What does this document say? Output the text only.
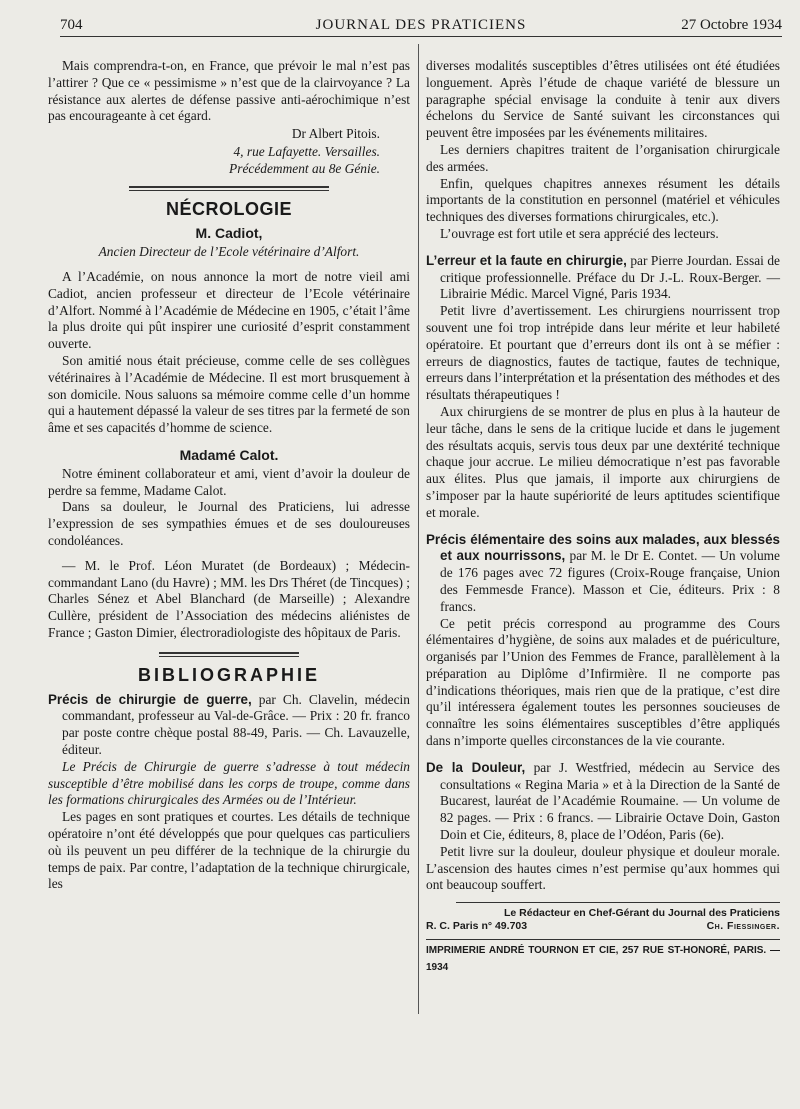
704	JOURNAL DES PRATICIENS	27 Octobre 1934

Mais comprendra-t-on, en France, que prévoir le mal n’est pas l’attirer ? Que ce « pessimisme » n’est que de la clairvoyance ? La résistance aux alertes de défense passive anti-aérochimique n’est pas encourageante à cet égard.

Dr Albert Pitois.
4, rue Lafayette. Versailles.
Précédemment au 8e Génie.
NÉCROLOGIE
M. Cadiot,
Ancien Directeur de l’Ecole vétérinaire d’Alfort.

A l’Académie, on nous annonce la mort de notre vieil ami Cadiot, ancien professeur et directeur de l’Ecole vétérinaire d’Alfort. Nommé à l’Académie de Médecine en 1905, c’était l’âme la plus droite qui pût inspirer une curiosité d’esprit constamment ouverte.

Son amitié nous était précieuse, comme celle de ses collègues vétérinaires à l’Académie de Médecine. Il est mort brusquement à son domicile. Nous saluons sa mémoire comme celle d’un homme qui a hautement dépassé la valeur de ses titres par la fermeté de son âme et ses capacités d’homme de science.

Madamé Calot.

Notre éminent collaborateur et ami, vient d’avoir la douleur de perdre sa femme, Madame Calot.

Dans sa douleur, le Journal des Praticiens, lui adresse l’expression de ses sympathies émues et de ses douloureuses condoléances.

— M. le Prof. Léon Muratet (de Bordeaux) ; Médecin-commandant Lano (du Havre) ; MM. les Drs Théret (de Tincques) ; Charles Sénez et Abel Blanchard (de Marseille) ; Alexandre Cullère, président de l’Association des médecins aliénistes de France ; Gaston Dimier, électroradiologiste des hôpitaux de Paris.

BIBLIOGRAPHIE

Précis de chirurgie de guerre, par Ch. Clavelin, médecin commandant, professeur au Val-de-Grâce. — Prix : 20 fr. franco par poste contre chèque postal 88-49, Paris. — Ch. Lavauzelle, éditeur.

Le Précis de Chirurgie de guerre s’adresse à tout médecin susceptible d’être mobilisé dans les corps de troupe, comme dans les formations chirurgicales des Armées ou de l’Intérieur.

Les pages en sont pratiques et courtes. Les détails de technique opératoire n’ont été développés que pour quelques cas particuliers où ils peuvent un peu différer de la technique de la chirurgie du temps de paix. Par contre, l’adaptation de la technique chirurgicale, les

diverses modalités susceptibles d’êtres utilisées ont été étudiées longuement. Après l’étude de chaque variété de blessure un paragraphe spécial envisage la conduite à tenir aux divers échelons du Service de Santé suivant les circonstances qui peuvent être imposées par les événements militaires.

Les derniers chapitres traitent de l’organisation chirurgicale des armées.

Enfin, quelques chapitres annexes résument les détails importants de la constitution en personnel (matériel et véhicules techniques des diverses formations chirurgicales, etc.).

L’ouvrage est fort utile et sera apprécié des lecteurs.

L’erreur et la faute en chirurgie, par Pierre Jourdan. Essai de critique professionnelle. Préface du Dr J.-L. Roux-Berger. — Librairie Médic. Marcel Vigné, Paris 1934.

Petit livre d’avertissement. Les chirurgiens nourrissent trop souvent une foi trop intrépide dans leur mérite et leur habileté opératoire. Et pourtant que d’erreurs dont ils ont à se méfier : erreurs de diagnostics, fautes de tactique, fautes de technique, erreurs dans l’interprétation et la présentation des méthodes et des résultats thérapeutiques !

Aux chirurgiens de se montrer de plus en plus à la hauteur de leur tâche, dans le sens de la critique lucide et dans le jugement des résultats acquis, servis tous deux par une dextérité technique chaque jour accrue. Le milieu démocratique n’est pas favorable aux élites. Plus que jamais, il importe aux chirurgiens de s’imposer par la haute supériorité de leurs aptitudes scientifique et morale.

Précis élémentaire des soins aux malades, aux blessés et aux nourrissons, par M. le Dr E. Contet. — Un volume de 176 pages avec 72 figures (Croix-Rouge française, Union des Femmesde France). Masson et Cie, éditeurs. Prix : 8 francs.

Ce petit précis correspond au programme des Cours élémentaires d’hygiène, de soins aux malades et de puériculture, organisés par l’Union des Femmes de France, parallèlement à la préparation au Diplôme d’Infirmière. Il ne comporte pas d’indications théoriques, mais rien que de la pratique, c’est dire qu’il intéressera également toutes les personnes soucieuses de connaître les soins élémentaires susceptibles d’être appliqués dans n’importe quelles circonstances de la vie courante.

De la Douleur, par J. Westfried, médecin au Service des consultations « Regina Maria » et à la Direction de la Santé de Bucarest, lauréat de l’Académie Roumaine. — Un volume de 82 pages. — Prix : 6 francs. — Librairie Octave Doin, Gaston Doin et Cie, éditeurs, 8, place de l’Odéon, Paris (6e).

Petit livre sur la douleur, douleur physique et douleur morale. L’ascension des hautes cimes n’est permise qu’aux hommes qui ont beaucoup souffert.

Le Rédacteur en Chef-Gérant du Journal des Praticiens
R. C. Paris n° 49.703	Ch. Fiessinger.
IMPRIMERIE ANDRÉ TOURNON ET CIE, 257 RUE ST-HONORÉ, PARIS. — 1934
